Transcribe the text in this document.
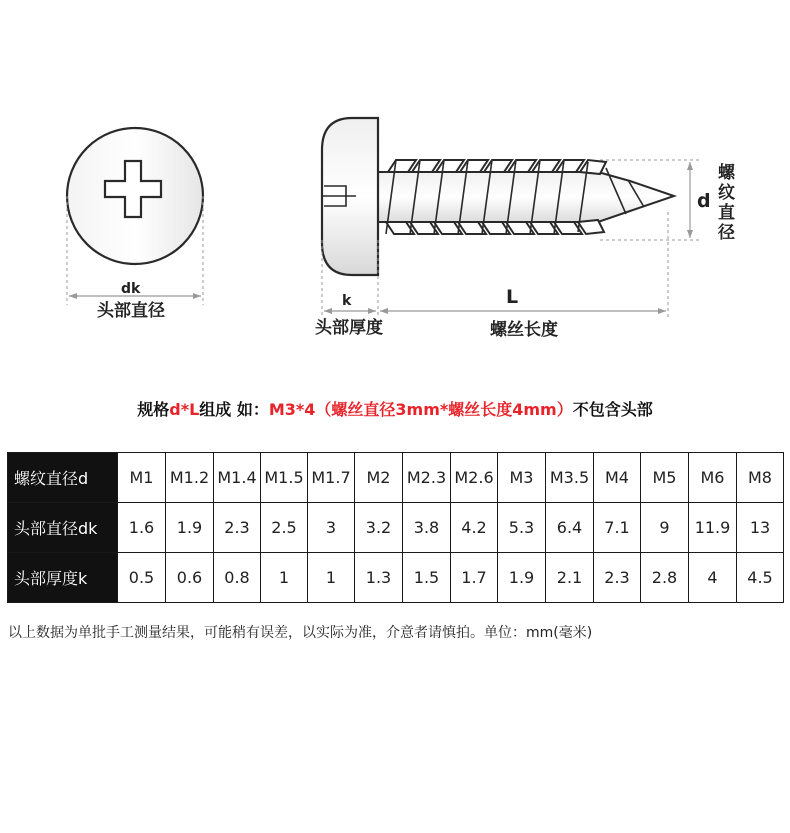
dk
头部直径	k
头部厚度
L
螺丝长度
d
螺
纹
直
径
规格d*L组成 如：M3*4（螺丝直径3mm*螺丝长度4mm）不包含头部
螺纹直径d	M1	M1.2	M1.4	M1.5	M1.7	M2	M2.3	M2.6	M3	M3.5	M4	M5	M6	M8
头部直径dk	1.6	1.9	2.3	2.5	3	3.2	3.8	4.2	5.3	6.4	7.1	9	11.9	13
头部厚度k	0.5	0.6	0.8	1	1	1.3	1.5	1.7	1.9	2.1	2.3	2.8	4	4.5
以上数据为单批手工测量结果，可能稍有误差，以实际为准，介意者请慎拍。单位：mm(毫米)
